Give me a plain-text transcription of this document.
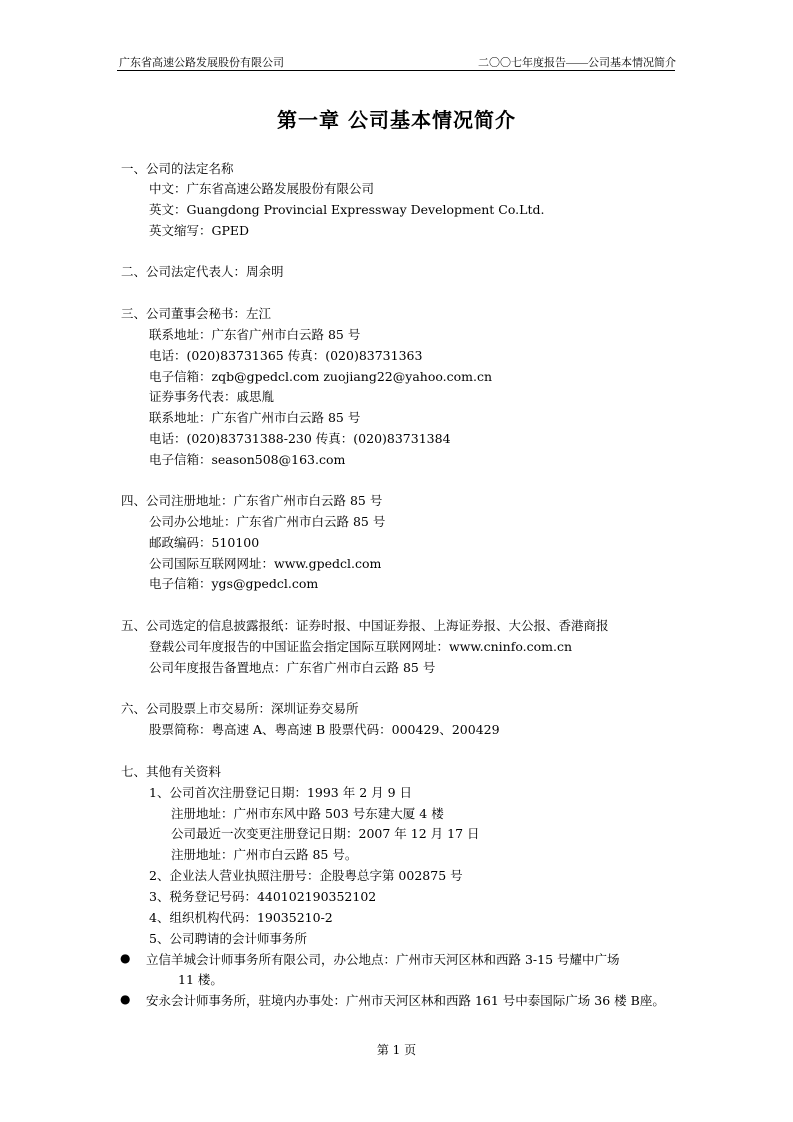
广东省高速公路发展股份有限公司	二〇〇七年度报告——公司基本情况简介
第一章 公司基本情况简介
一、公司的法定名称
中文：广东省高速公路发展股份有限公司
英文：Guangdong Provincial Expressway Development Co.Ltd.
英文缩写：GPED
二、公司法定代表人：周余明
三、公司董事会秘书：左江
联系地址：广东省广州市白云路 85 号
电话：(020)83731365 传真：(020)83731363
电子信箱：zqb@gpedcl.com zuojiang22@yahoo.com.cn
证券事务代表：戚思胤
联系地址：广东省广州市白云路 85 号
电话：(020)83731388-230 传真：(020)83731384
电子信箱：season508@163.com
四、公司注册地址：广东省广州市白云路 85 号
公司办公地址：广东省广州市白云路 85 号
邮政编码：510100
公司国际互联网网址：www.gpedcl.com
电子信箱：ygs@gpedcl.com
五、公司选定的信息披露报纸：证券时报、中国证券报、上海证券报、大公报、香港商报
登载公司年度报告的中国证监会指定国际互联网网址：www.cninfo.com.cn
公司年度报告备置地点：广东省广州市白云路 85 号
六、公司股票上市交易所：深圳证券交易所
股票简称：粤高速 A、粤高速 B 股票代码：000429、200429
七、其他有关资料
1、公司首次注册登记日期：1993 年 2 月 9 日
注册地址：广州市东风中路 503 号东建大厦 4 楼
公司最近一次变更注册登记日期：2007 年 12 月 17 日
注册地址：广州市白云路 85 号。
2、企业法人营业执照注册号：企股粤总字第 002875 号
3、税务登记号码：440102190352102
4、组织机构代码：19035210-2
5、公司聘请的会计师事务所
● 立信羊城会计师事务所有限公司，办公地点：广州市天河区林和西路 3-15 号耀中广场
11 楼。
● 安永会计师事务所，驻境内办事处：广州市天河区林和西路 161 号中泰国际广场 36 楼 B座。
第 1 页
